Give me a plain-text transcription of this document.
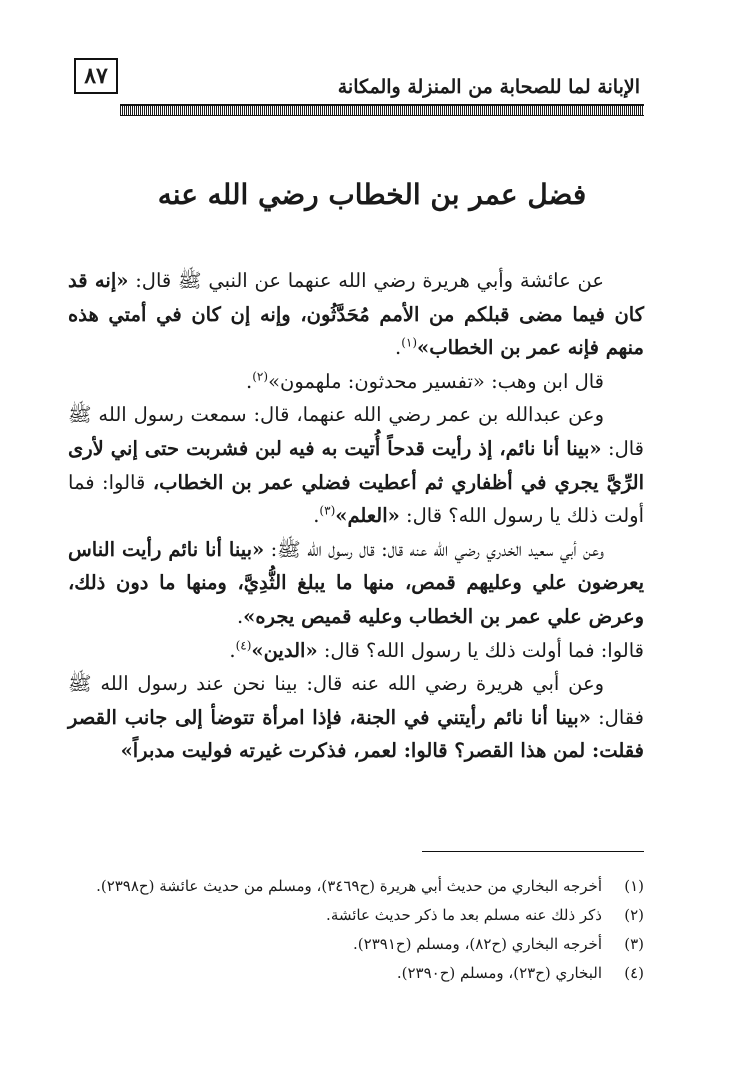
٨٧	الإبانة لما للصحابة من المنزلة والمكانة
فضل عمر بن الخطاب رضي الله عنه

عن عائشة وأبي هريرة رضي الله عنهما عن النبي ﷺ قال: «إنه قد كان فيما مضى قبلكم من الأمم مُحَدَّثُون، وإنه إن كان في أمتي هذه منهم فإنه عمر بن الخطاب»$^{(١)}$.

قال ابن وهب: «تفسير محدثون: ملهمون»$^{(٢)}$.

وعن عبدالله بن عمر رضي الله عنهما، قال: سمعت رسول الله ﷺ قال: «بينا أنا نائم، إذ رأيت قدحاً أُتيت به فيه لبن فشربت حتى إني لأرى الرِّيَّ يجري في أظفاري ثم أعطيت فضلي عمر بن الخطاب، قالوا: فما أولت ذلك يا رسول الله؟ قال: «العلم»$^{(٣)}$.

وعن أبي سعيد الخدري رضي الله عنه قال: قال رسول الله ﷺ: «بينا أنا نائم رأيت الناس يعرضون علي وعليهم قمص، منها ما يبلغ الثُّدِيَّ، ومنها ما دون ذلك، وعرض علي عمر بن الخطاب وعليه قميص يجره».

قالوا: فما أولت ذلك يا رسول الله؟ قال: «الدين»$^{(٤)}$.

وعن أبي هريرة رضي الله عنه قال: بينا نحن عند رسول الله ﷺ فقال: «بينا أنا نائم رأيتني في الجنة، فإذا امرأة تتوضأ إلى جانب القصر فقلت: لمن هذا القصر؟ قالوا: لعمر، فذكرت غيرته فوليت مدبراً»

(١)
أخرجه البخاري من حديث أبي هريرة (ح٣٤٦٩)، ومسلم من حديث عائشة (ح٢٣٩٨).
(٢)
ذكر ذلك عنه مسلم بعد ما ذكر حديث عائشة.
(٣)
أخرجه البخاري (ح٨٢)، ومسلم (ح٢٣٩١).
(٤)
البخاري (ح٢٣)، ومسلم (ح٢٣٩٠).
